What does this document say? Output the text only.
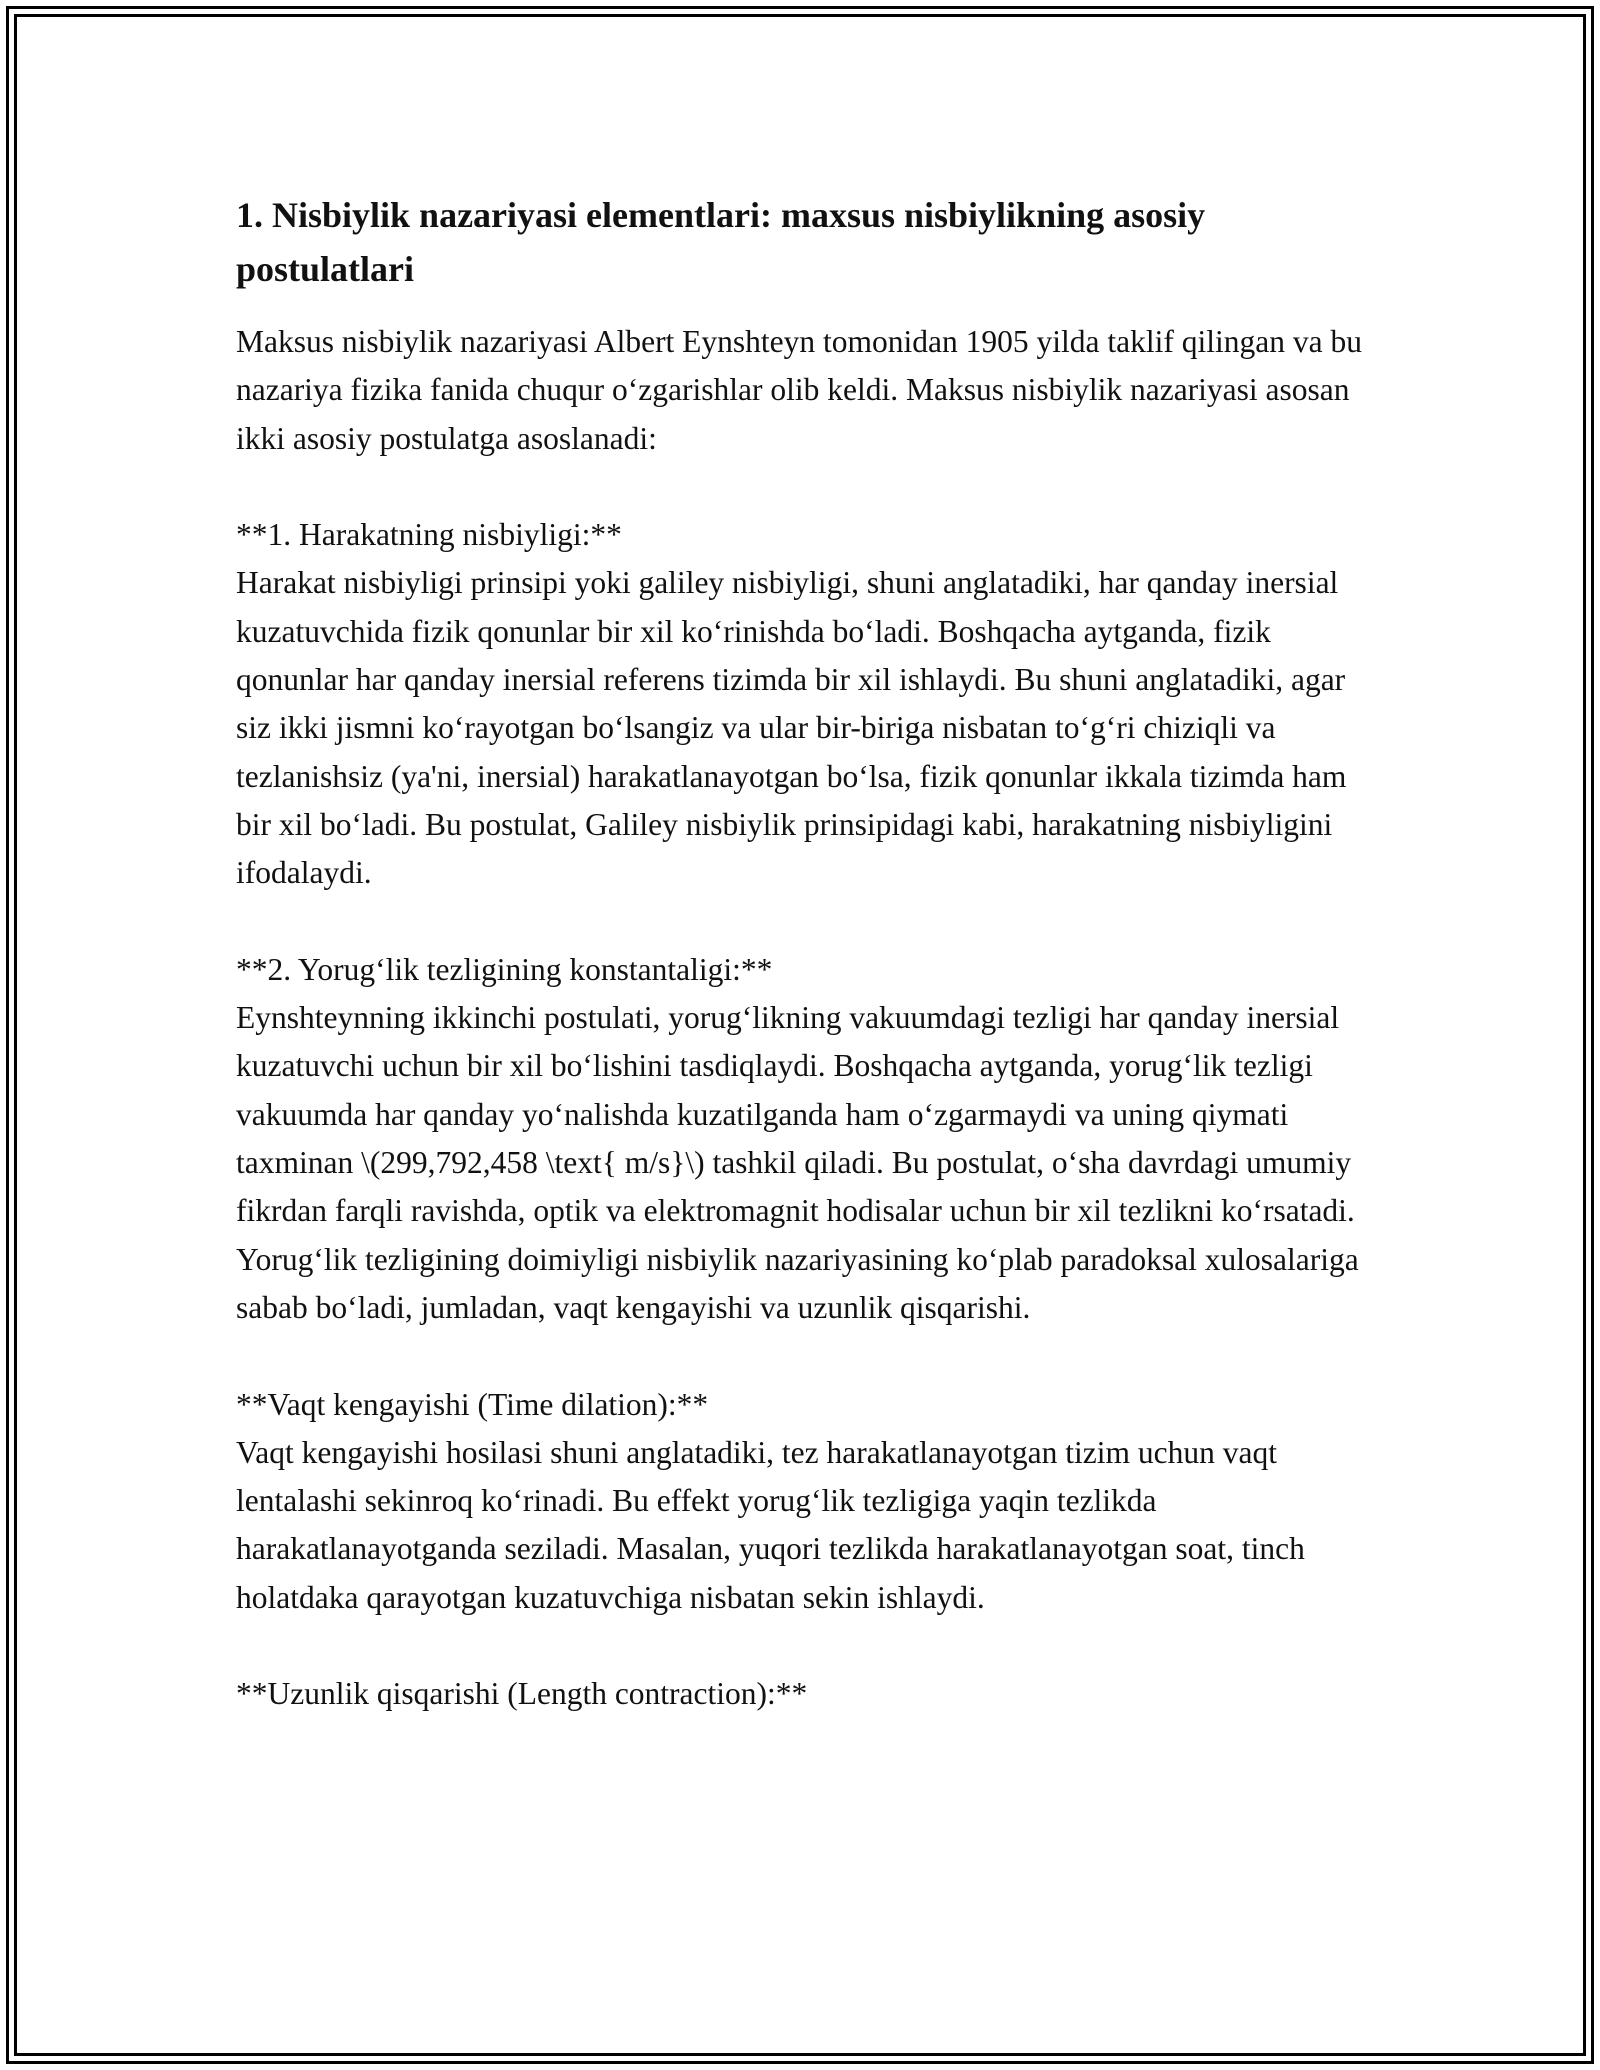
1. Nisbiylik nazariyasi elementlari: maxsus nisbiylikning asosiy postulatlari

Maksus nisbiylik nazariyasi Albert Eynshteyn tomonidan 1905 yilda taklif qilingan va bu nazariya fizika fanida chuqur o‘zgarishlar olib keldi. Maksus nisbiylik nazariyasi asosan ikki asosiy postulatga asoslanadi:

**1. Harakatning nisbiyligi:**

Harakat nisbiyligi prinsipi yoki galiley nisbiyligi, shuni anglatadiki, har qanday inersial kuzatuvchida fizik qonunlar bir xil ko‘rinishda bo‘ladi. Boshqacha aytganda, fizik qonunlar har qanday inersial referens tizimda bir xil ishlaydi. Bu shuni anglatadiki, agar siz ikki jismni ko‘rayotgan bo‘lsangiz va ular bir-biriga nisbatan to‘g‘ri chiziqli va tezlanishsiz (ya'ni, inersial) harakatlanayotgan bo‘lsa, fizik qonunlar ikkala tizimda ham bir xil bo‘ladi. Bu postulat, Galiley nisbiylik prinsipidagi kabi, harakatning nisbiyligini ifodalaydi.

**2. Yorug‘lik tezligining konstantaligi:**

Eynshteynning ikkinchi postulati, yorug‘likning vakuumdagi tezligi har qanday inersial kuzatuvchi uchun bir xil bo‘lishini tasdiqlaydi. Boshqacha aytganda, yorug‘lik tezligi vakuumda har qanday yo‘nalishda kuzatilganda ham o‘zgarmaydi va uning qiymati taxminan \(299,792,458 \text{ m/s}\) tashkil qiladi. Bu postulat, o‘sha davrdagi umumiy fikrdan farqli ravishda, optik va elektromagnit hodisalar uchun bir xil tezlikni ko‘rsatadi. Yorug‘lik tezligining doimiyligi nisbiylik nazariyasining ko‘plab paradoksal xulosalariga sabab bo‘ladi, jumladan, vaqt kengayishi va uzunlik qisqarishi.

**Vaqt kengayishi (Time dilation):**

Vaqt kengayishi hosilasi shuni anglatadiki, tez harakatlanayotgan tizim uchun vaqt lentalashi sekinroq ko‘rinadi. Bu effekt yorug‘lik tezligiga yaqin tezlikda harakatlanayotganda seziladi. Masalan, yuqori tezlikda harakatlanayotgan soat, tinch holatdaka qarayotgan kuzatuvchiga nisbatan sekin ishlaydi.

**Uzunlik qisqarishi (Length contraction):**
